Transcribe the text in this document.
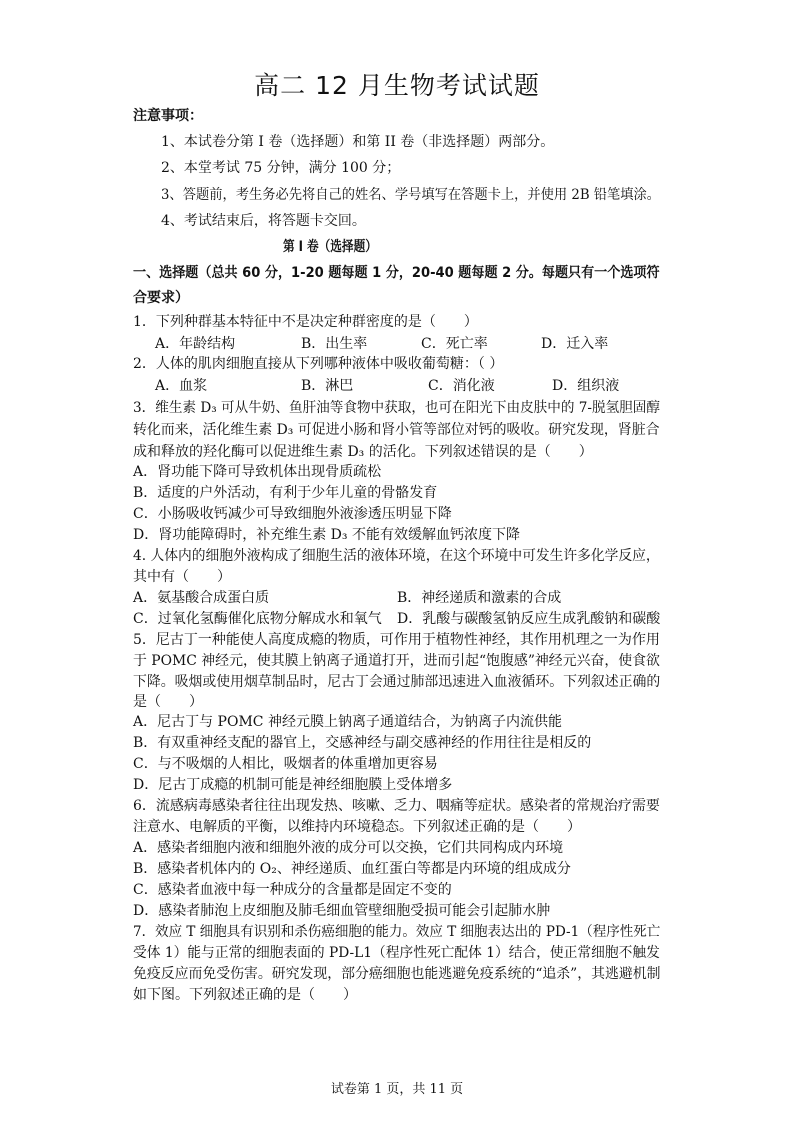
高二 12 月生物考试试题
注意事项：
1、本试卷分第 I 卷（选择题）和第 II 卷（非选择题）两部分。
2、本堂考试 75 分钟，满分 100 分；
3、答题前，考生务必先将自己的姓名、学号填写在答题卡上，并使用 2B 铅笔填涂。
4、考试结束后，将答题卡交回。
第 I 卷（选择题）
一、选择题（总共 60 分，1-20 题每题 1 分，20-40 题每题 2 分。每题只有一个选项符
合要求）
1．下列种群基本特征中不是决定种群密度的是（　　）
A．年龄结构	B．出生率	C．死亡率	D．迁入率
2．人体的肌肉细胞直接从下列哪种液体中吸收葡萄糖：（ ）
A．血浆	B．淋巴	C．消化液	D．组织液
3．维生素 D₃ 可从牛奶、鱼肝油等食物中获取，也可在阳光下由皮肤中的 7-脱氢胆固醇
转化而来，活化维生素 D₃ 可促进小肠和肾小管等部位对钙的吸收。研究发现，肾脏合
成和释放的羟化酶可以促进维生素 D₃ 的活化。下列叙述错误的是（　　）
A．肾功能下降可导致机体出现骨质疏松
B．适度的户外活动，有利于少年儿童的骨骼发育
C．小肠吸收钙减少可导致细胞外液渗透压明显下降
D．肾功能障碍时，补充维生素 D₃ 不能有效缓解血钙浓度下降
4. 人体内的细胞外液构成了细胞生活的液体环境，在这个环境中可发生许多化学反应，
其中有（　　）
A．氨基酸合成蛋白质	B．神经递质和激素的合成
C．过氧化氢酶催化底物分解成水和氧气 D．乳酸与碳酸氢钠反应生成乳酸钠和碳酸
5．尼古丁一种能使人高度成瘾的物质，可作用于植物性神经，其作用机理之一为作用
于 POMC 神经元，使其膜上钠离子通道打开，进而引起“饱腹感”神经元兴奋，使食欲
下降。吸烟或使用烟草制品时，尼古丁会通过肺部迅速进入血液循环。下列叙述正确的
是（　　）
A．尼古丁与 POMC 神经元膜上钠离子通道结合，为钠离子内流供能
B．有双重神经支配的器官上，交感神经与副交感神经的作用往往是相反的
C．与不吸烟的人相比，吸烟者的体重增加更容易
D．尼古丁成瘾的机制可能是神经细胞膜上受体增多
6．流感病毒感染者往往出现发热、咳嗽、乏力、咽痛等症状。感染者的常规治疗需要
注意水、电解质的平衡，以维持内环境稳态。下列叙述正确的是（　　）
A．感染者细胞内液和细胞外液的成分可以交换，它们共同构成内环境
B．感染者机体内的 O₂、神经递质、血红蛋白等都是内环境的组成成分
C．感染者血液中每一种成分的含量都是固定不变的
D．感染者肺泡上皮细胞及肺毛细血管壁细胞受损可能会引起肺水肿
7．效应 T 细胞具有识别和杀伤癌细胞的能力。效应 T 细胞表达出的 PD-1（程序性死亡
受体 1）能与正常的细胞表面的 PD-L1（程序性死亡配体 1）结合，使正常细胞不触发
免疫反应而免受伤害。研究发现，部分癌细胞也能逃避免疫系统的“追杀”，其逃避机制
如下图。下列叙述正确的是（　　）
试卷第 1 页，共 11 页
